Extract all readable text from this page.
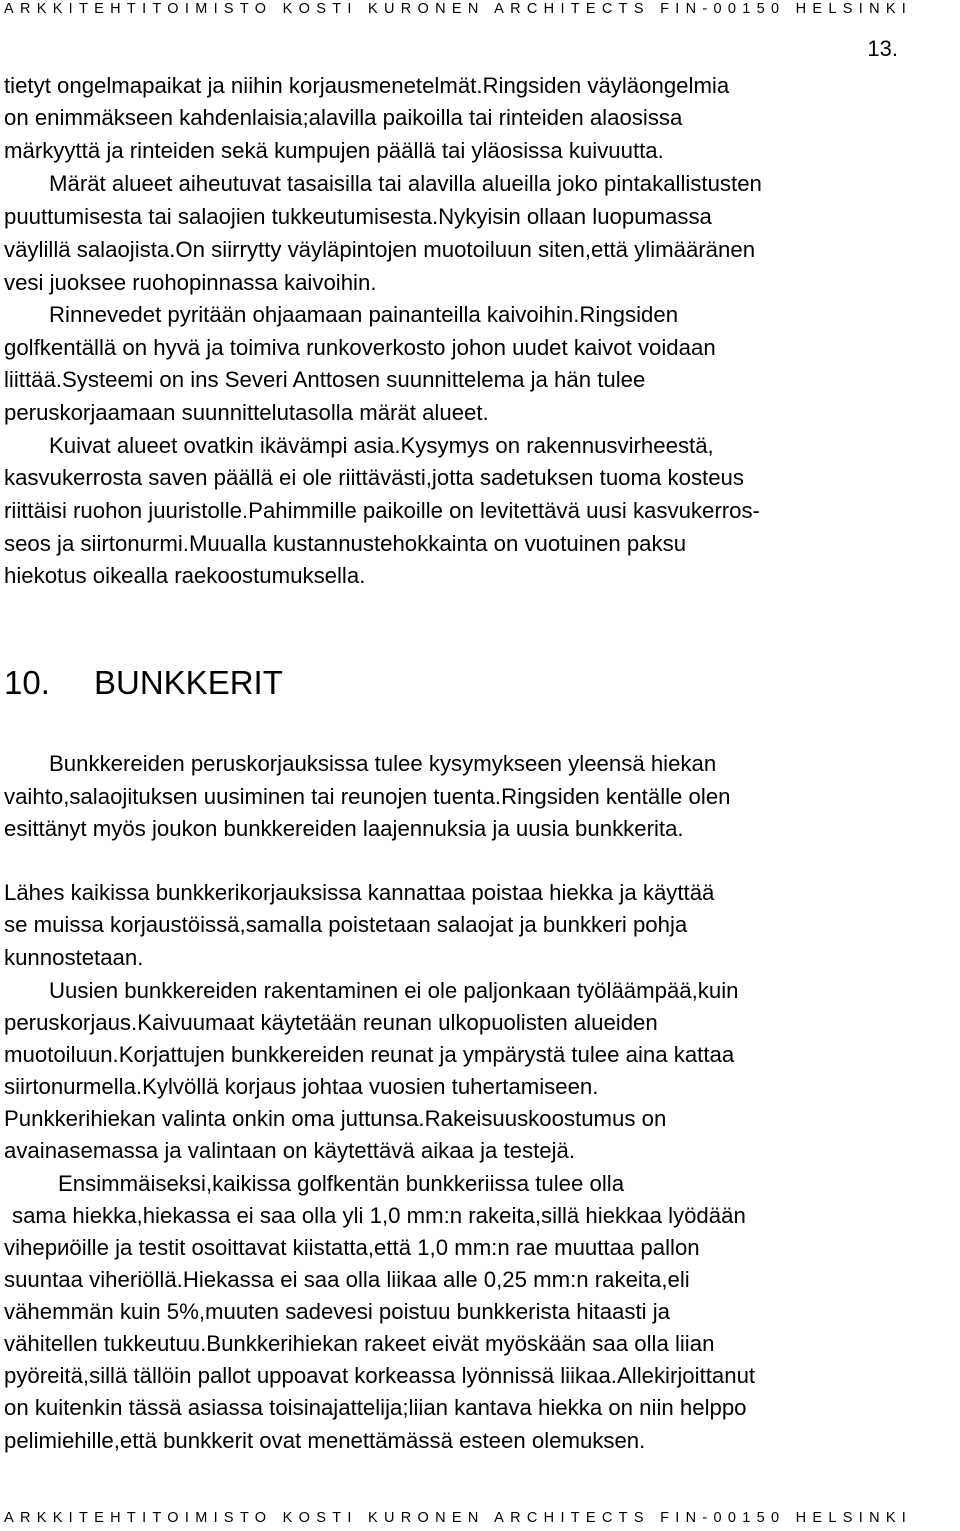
ARKKITEHTITOIMISTO KOSTI KURONEN ARCHITECTS FIN-00150 HELSINKI
13.
tietyt ongelmapaikat ja niihin korjausmenetelmät.Ringsiden väyläongelmia
on enimmäkseen kahdenlaisia;alavilla paikoilla tai rinteiden alaosissa
märkyyttä ja rinteiden sekä kumpujen päällä tai yläosissa kuivuutta.
Märät alueet aiheutuvat tasaisilla tai alavilla alueilla joko pintakallistusten
puuttumisesta tai salaojien tukkeutumisesta.Nykyisin ollaan luopumassa
väylillä salaojista.On siirrytty väyläpintojen muotoiluun siten,että ylimääränen
vesi juoksee ruohopinnassa kaivoihin.
Rinnevedet pyritään ohjaamaan painanteilla kaivoihin.Ringsiden
golfkentällä on hyvä ja toimiva runkoverkosto johon uudet kaivot voidaan
liittää.Systeemi on ins Severi Anttosen suunnittelema ja hän tulee
peruskorjaamaan suunnittelutasolla märät alueet.
Kuivat alueet ovatkin ikävämpi asia.Kysymys on rakennusvirheestä,
kasvukerrosta saven päällä ei ole riittävästi,jotta sadetuksen tuoma kosteus
riittäisi ruohon juuristolle.Pahimmille paikoille on levitettävä uusi kasvukerros-
seos ja siirtonurmi.Muualla kustannustehokkainta on vuotuinen paksu
hiekotus oikealla raekoostumuksella.
10. BUNKKERIT
Bunkkereiden peruskorjauksissa tulee kysymykseen yleensä hiekan
vaihto,salaojituksen uusiminen tai reunojen tuenta.Ringsiden kentälle olen
esittänyt myös joukon bunkkereiden laajennuksia ja uusia bunkkerita.
Lähes kaikissa bunkkerikorjauksissa kannattaa poistaa hiekka ja käyttää
se muissa korjaustöissä,samalla poistetaan salaojat ja bunkkeri pohja
kunnostetaan.
Uusien bunkkereiden rakentaminen ei ole paljonkaan työläämpää,kuin
peruskorjaus.Kaivuumaat käytetään reunan ulkopuolisten alueiden
muotoiluun.Korjattujen bunkkereiden reunat ja ympärystä tulee aina kattaa
siirtonurmella.Kylvöllä korjaus johtaa vuosien tuhertamiseen.
Punkkerihiekan valinta onkin oma juttunsa.Rakeisuuskoostumus on
avainasemassa ja valintaan on käytettävä aikaa ja testejä.
Ensimmäiseksi,kaikissa golfkentän bunkkeriissa tulee olla
sama hiekka,hiekassa ei saa olla yli 1,0 mm:n rakeita,sillä hiekkaa lyödään
vihериöille ja testit osoittavat kiistatta,että 1,0 mm:n rae muuttaa pallon
suuntaa viheriöllä.Hiekassa ei saa olla liikaa alle 0,25 mm:n rakeita,eli
vähemmän kuin 5%,muuten sadevesi poistuu bunkkerista hitaasti ja
vähitellen tukkeutuu.Bunkkerihiekan rakeet eivät myöskään saa olla liian
pyöreitä,sillä tällöin pallot uppoavat korkeassa lyönnissä liikaa.Allekirjoittanut
on kuitenkin tässä asiassa toisinajattelija;liian kantava hiekka on niin helppo
pelimiehille,että bunkkerit ovat menettämässä esteen olemuksen.
ARKKITEHTITOIMISTO KOSTI KURONEN ARCHITECTS FIN-00150 HELSINKI
